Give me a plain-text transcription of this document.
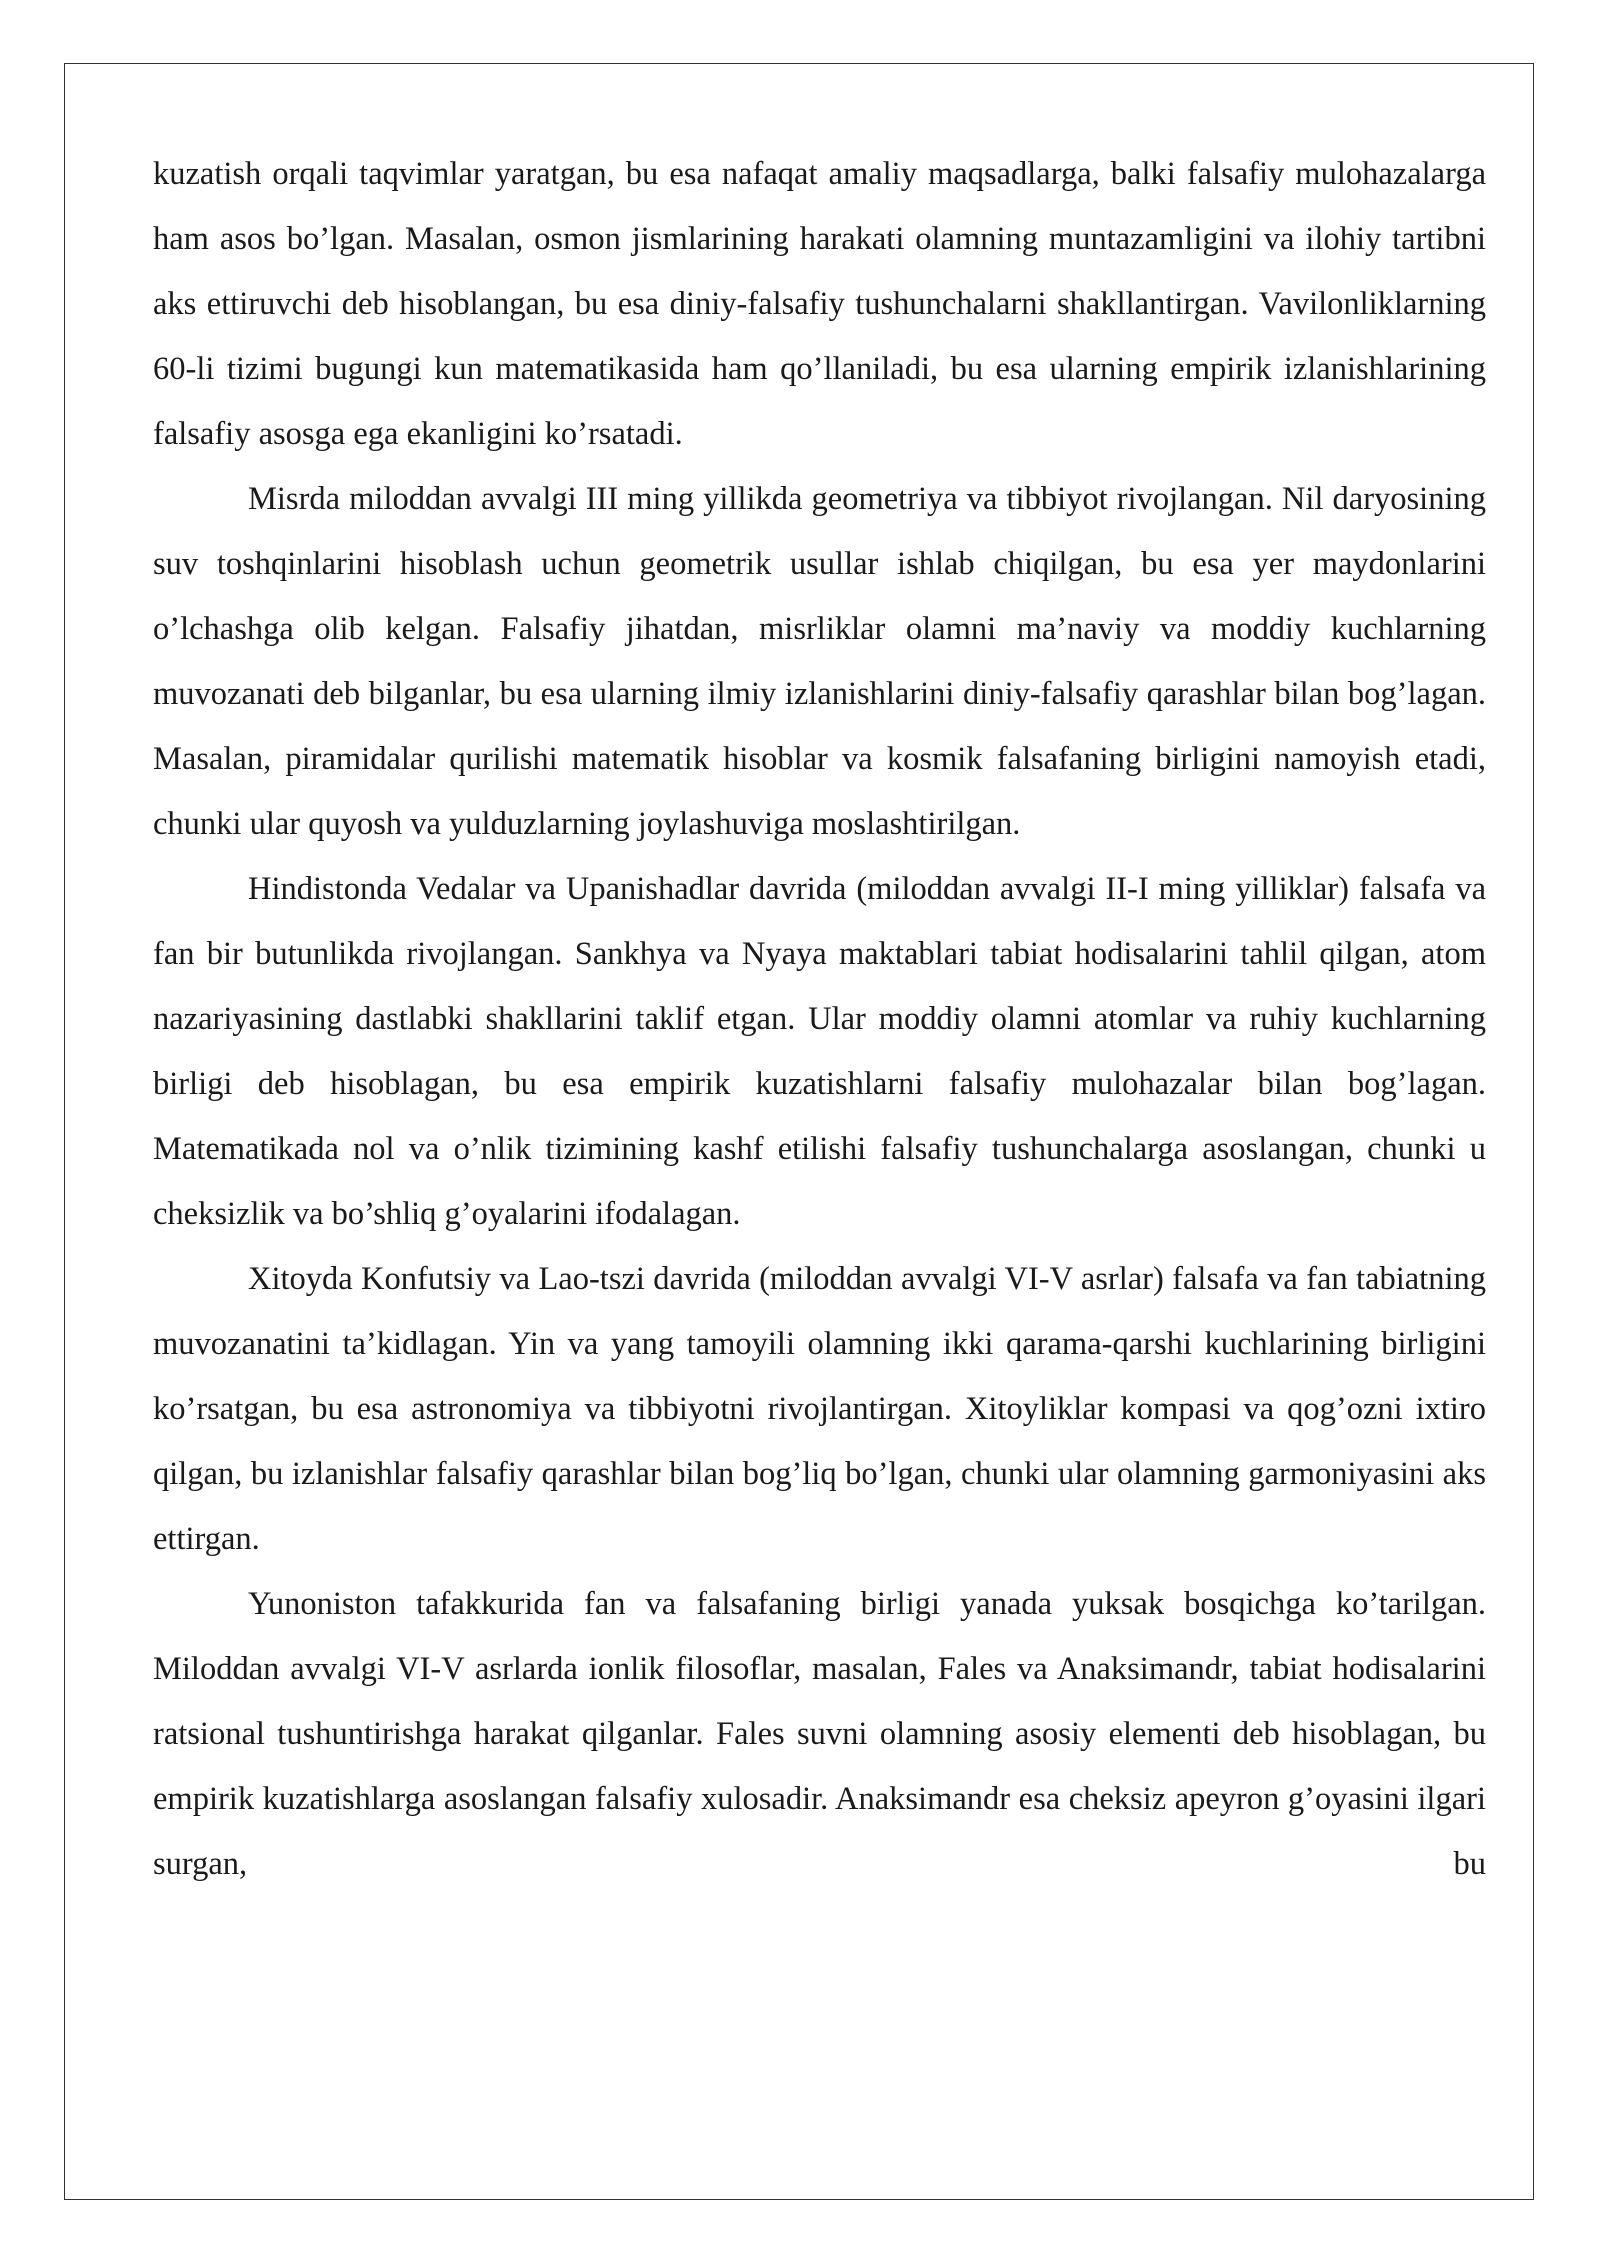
kuzatish orqali taqvimlar yaratgan, bu esa nafaqat amaliy maqsadlarga, balki falsafiy mulohazalarga ham asos bo’lgan. Masalan, osmon jismlarining harakati olamning muntazamligini va ilohiy tartibni aks ettiruvchi deb hisoblangan, bu esa diniy-falsafiy tushunchalarni shakllantirgan. Vavilonliklarning 60-li tizimi bugungi kun matematikasida ham qo’llaniladi, bu esa ularning empirik izlanishlarining falsafiy asosga ega ekanligini ko’rsatadi.

Misrda miloddan avvalgi III ming yillikda geometriya va tibbiyot rivojlangan. Nil daryosining suv toshqinlarini hisoblash uchun geometrik usullar ishlab chiqilgan, bu esa yer maydonlarini o’lchashga olib kelgan. Falsafiy jihatdan, misrliklar olamni ma’naviy va moddiy kuchlarning muvozanati deb bilganlar, bu esa ularning ilmiy izlanishlarini diniy-falsafiy qarashlar bilan bog’lagan. Masalan, piramidalar qurilishi matematik hisoblar va kosmik falsafaning birligini namoyish etadi, chunki ular quyosh va yulduzlarning joylashuviga moslashtirilgan.

Hindistonda Vedalar va Upanishadlar davrida (miloddan avvalgi II-I ming yilliklar) falsafa va fan bir butunlikda rivojlangan. Sankhya va Nyaya maktablari tabiat hodisalarini tahlil qilgan, atom nazariyasining dastlabki shakllarini taklif etgan. Ular moddiy olamni atomlar va ruhiy kuchlarning birligi deb hisoblagan, bu esa empirik kuzatishlarni falsafiy mulohazalar bilan bog’lagan. Matematikada nol va o’nlik tizimining kashf etilishi falsafiy tushunchalarga asoslangan, chunki u cheksizlik va bo’shliq g’oyalarini ifodalagan.

Xitoyda Konfutsiy va Lao-tszi davrida (miloddan avvalgi VI-V asrlar) falsafa va fan tabiatning muvozanatini ta’kidlagan. Yin va yang tamoyili olamning ikki qarama-qarshi kuchlarining birligini ko’rsatgan, bu esa astronomiya va tibbiyotni rivojlantirgan. Xitoyliklar kompasi va qog’ozni ixtiro qilgan, bu izlanishlar falsafiy qarashlar bilan bog’liq bo’lgan, chunki ular olamning garmoniyasini aks ettirgan.

Yunoniston tafakkurida fan va falsafaning birligi yanada yuksak bosqichga ko’tarilgan. Miloddan avvalgi VI-V asrlarda ionlik filosoflar, masalan, Fales va Anaksimandr, tabiat hodisalarini ratsional tushuntirishga harakat qilganlar. Fales suvni olamning asosiy elementi deb hisoblagan, bu empirik kuzatishlarga asoslangan falsafiy xulosadir. Anaksimandr esa cheksiz apeyron g’oyasini ilgari surgan, bu
